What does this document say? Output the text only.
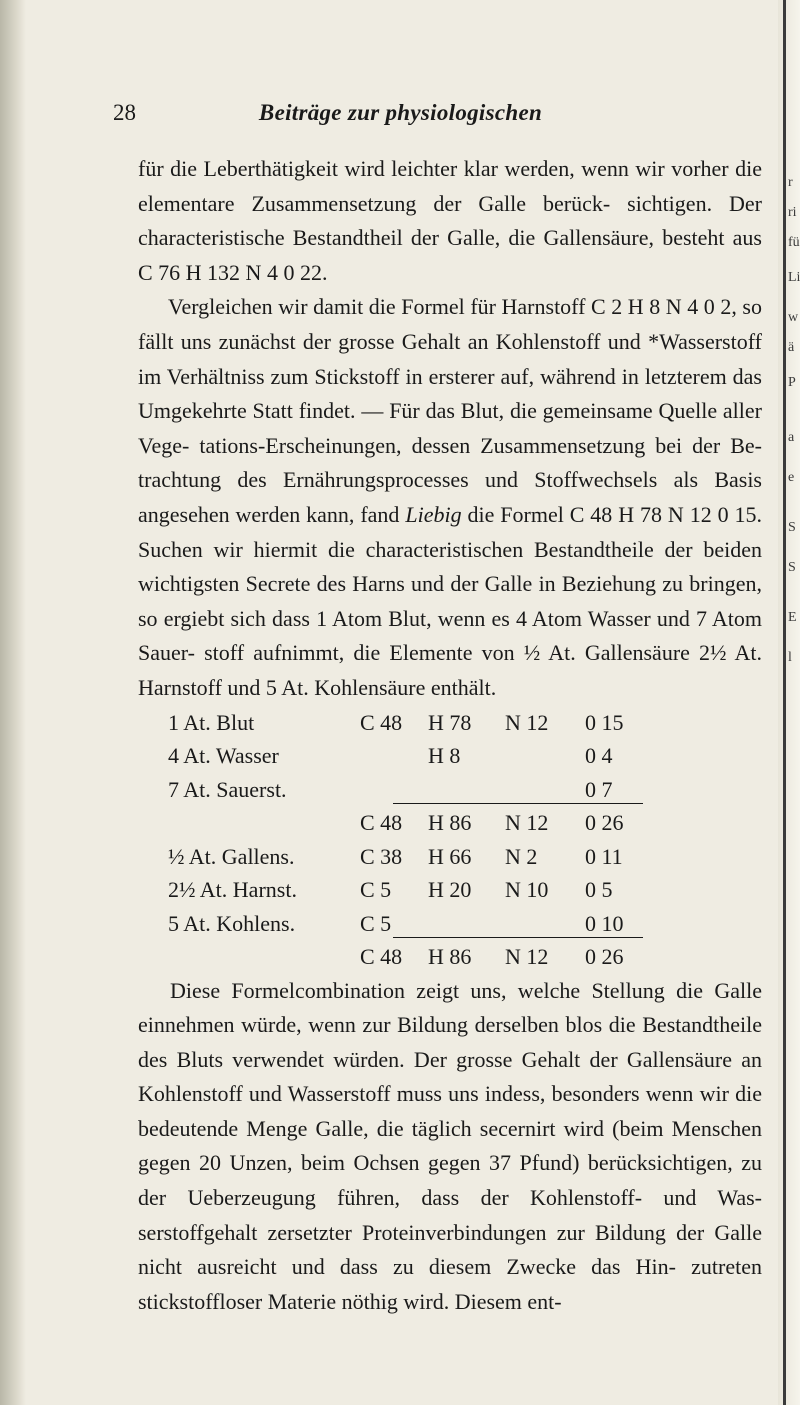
r
ri
fü
Li
w
ä
P
a
e
S
S
E
l
Beiträge zur physiologischen
28

für die Leberthätigkeit wird leichter klar werden, wenn wir vorher die elementare Zusammensetzung der Galle berück- sichtigen. Der characteristische Bestandtheil der Galle, die Gallensäure, besteht aus C 76 H 132 N 4 0 22.

Vergleichen wir damit die Formel für Harnstoff C 2 H 8 N 4 0 2, so fällt uns zunächst der grosse Gehalt an Kohlenstoff und *Wasserstoff im Verhältniss zum Stickstoff in ersterer auf, während in letzterem das Umgekehrte Statt findet. — Für das Blut, die gemeinsame Quelle aller Vege- tations-Erscheinungen, dessen Zusammensetzung bei der Be- trachtung des Ernährungsprocesses und Stoffwechsels als Basis angesehen werden kann, fand Liebig die Formel C 48 H 78 N 12 0 15. Suchen wir hiermit die characteristischen Bestandtheile der beiden wichtigsten Secrete des Harns und der Galle in Beziehung zu bringen, so ergiebt sich dass 1 Atom Blut, wenn es 4 Atom Wasser und 7 Atom Sauer- stoff aufnimmt, die Elemente von ½ At. Gallensäure 2½ At. Harnstoff und 5 At. Kohlensäure enthält.

1 At. Blut	C 48 H 78 N 12 0 15
4 At. Wasser	H 8	0 4
7 At. Sauerst.	0 7
C 48 H 86 N 12 0 26
½ At. Gallens.	C 38 H 66 N 2 0 11
2½ At. Harnst.	C 5 H 20 N 10 0 5
5 At. Kohlens.	C 5	0 10
C 48 H 86 N 12 0 26

Diese Formelcombination zeigt uns, welche Stellung die Galle einnehmen würde, wenn zur Bildung derselben blos die Bestandtheile des Bluts verwendet würden. Der grosse Gehalt der Gallensäure an Kohlenstoff und Wasserstoff muss uns indess, besonders wenn wir die bedeutende Menge Galle, die täglich secernirt wird (beim Menschen gegen 20 Unzen, beim Ochsen gegen 37 Pfund) berücksichtigen, zu der Ueberzeugung führen, dass der Kohlenstoff- und Was- serstoffgehalt zersetzter Proteinverbindungen zur Bildung der Galle nicht ausreicht und dass zu diesem Zwecke das Hin- zutreten stickstoffloser Materie nöthig wird. Diesem ent-
